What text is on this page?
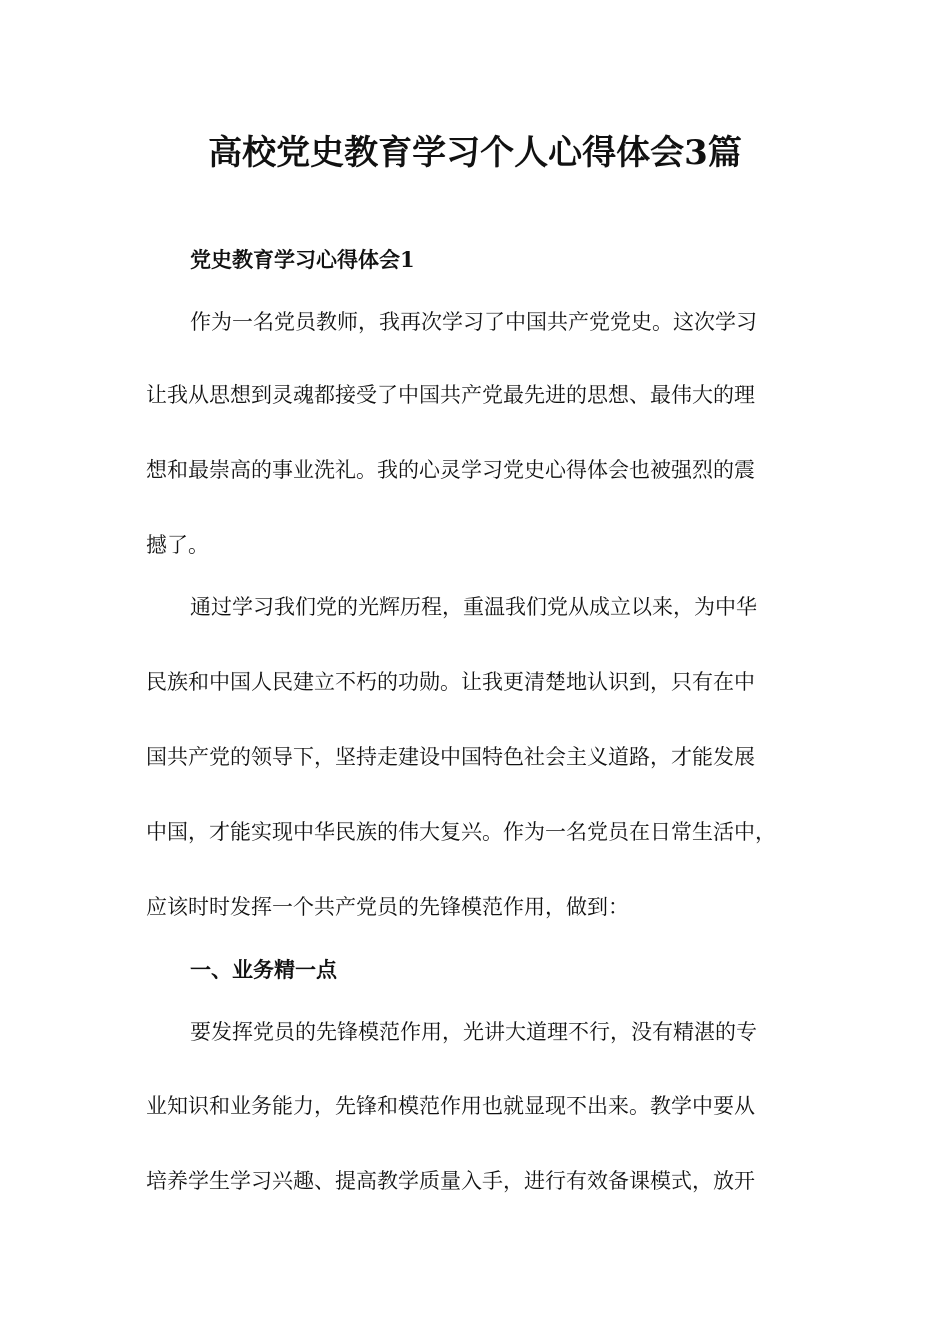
高校党史教育学习个人心得体会3篇

党史教育学习心得体会1

作为一名党员教师，我再次学习了中国共产党党史。这次学习

让我从思想到灵魂都接受了中国共产党最先进的思想、最伟大的理

想和最崇高的事业洗礼。我的心灵学习党史心得体会也被强烈的震

撼了。

通过学习我们党的光辉历程，重温我们党从成立以来，为中华

民族和中国人民建立不朽的功勋。让我更清楚地认识到，只有在中

国共产党的领导下，坚持走建设中国特色社会主义道路，才能发展

中国，才能实现中华民族的伟大复兴。作为一名党员在日常生活中，

应该时时发挥一个共产党员的先锋模范作用，做到：

一、业务精一点

要发挥党员的先锋模范作用，光讲大道理不行，没有精湛的专

业知识和业务能力，先锋和模范作用也就显现不出来。教学中要从

培养学生学习兴趣、提高教学质量入手，进行有效备课模式，放开
